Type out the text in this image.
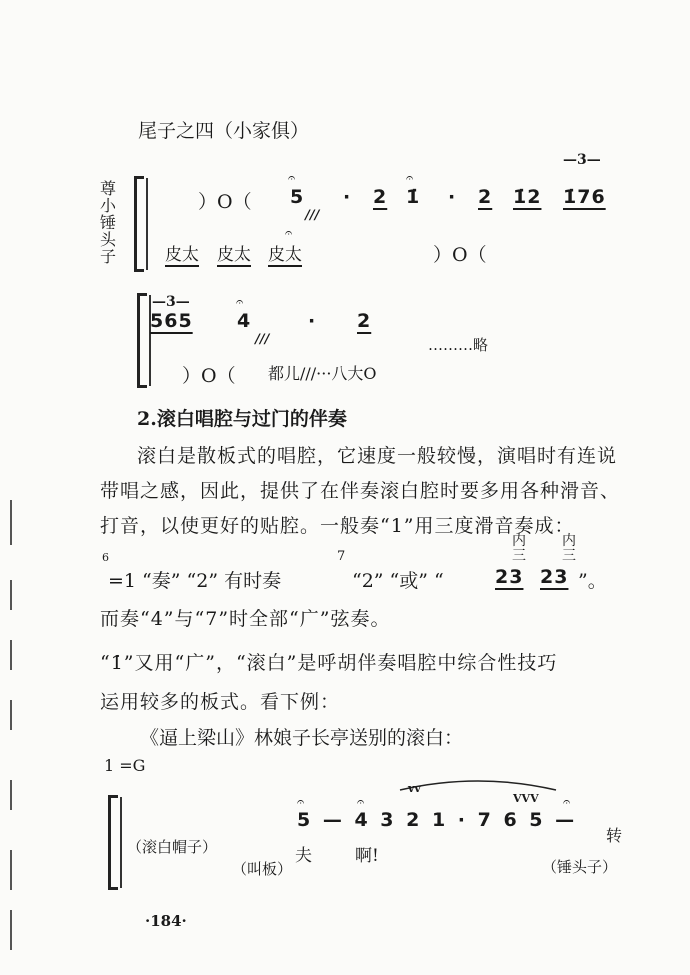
尾子之四（小家俱）
尊小锤头子
—3—
）O（
𝄐
5
///
· 2
𝄐
1̇ · 2 1̇2 1̇76
皮太 皮太
𝄐
皮太	）O（
—3—
565
𝄐
4
///
· 2
………略
）O（ 都儿///···八大O
2.滚白唱腔与过门的伴奏
滚白是散板式的唱腔，它速度一般较慢，演唱时有连说
带唱之感，因此，提供了在伴奏滚白腔时要多用各种滑音、
打音，以使更好的贴腔。一般奏“1”用三度滑音奏成：
6
=1 “奏” “2” 有时奏
7
“2” “或” “
内
三
23
内
三
23 ”。
而奏“4”与“7”时全部“广”弦奏。
“1̇”又用“广”，“滚白”是呼胡伴奏唱腔中综合性技巧
运用较多的板式。看下例：
《逼上梁山》林娘子长亭送别的滚白：
1 =G
𝄐	𝄐	𝄐
vv
VVV
5 — 4 3 2 1 · 7 6 5 —
转
（滚白帽子）	夫	啊!
（叫板）	（锤头子）
·184·
